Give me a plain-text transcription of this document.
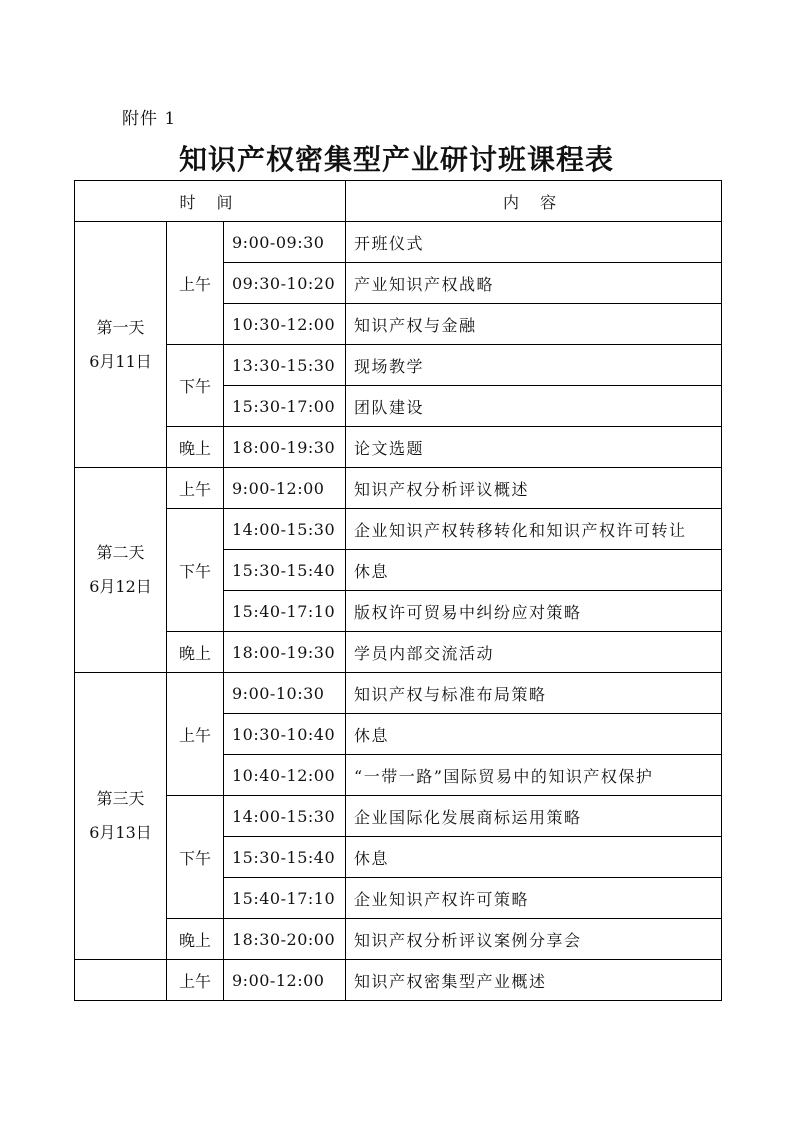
附件 1
知识产权密集型产业研讨班课程表
时 间			内 容

第一天
6月11日	上午	9:00-09:30	开班仪式
		09:30-10:20	产业知识产权战略
		10:30-12:00	知识产权与金融
	下午	13:30-15:30	现场教学
		15:30-17:00	团队建设
	晚上	18:00-19:30	论文选题

第二天
6月12日	上午	9:00-12:00	知识产权分析评议概述
	下午	14:00-15:30	企业知识产权转移转化和知识产权许可转让
		15:30-15:40	休息
		15:40-17:10	版权许可贸易中纠纷应对策略
	晚上	18:00-19:30	学员内部交流活动

第三天
6月13日	上午	9:00-10:30	知识产权与标准布局策略
		10:30-10:40	休息
		10:40-12:00	“一带一路”国际贸易中的知识产权保护
	下午	14:00-15:30	企业国际化发展商标运用策略
		15:30-15:40	休息
		15:40-17:10	企业知识产权许可策略
	晚上	18:30-20:00	知识产权分析评议案例分享会

	上午	9:00-12:00	知识产权密集型产业概述
